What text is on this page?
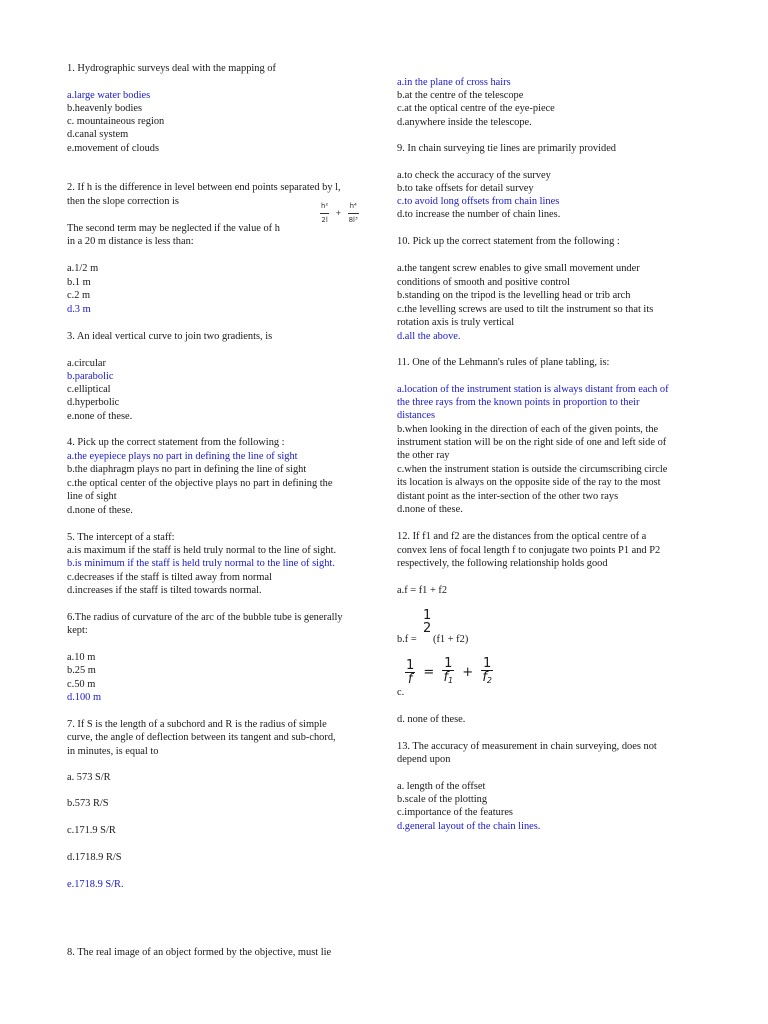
1. Hydrographic surveys deal with the mapping of
a.large water bodies
b.heavenly bodies
c. mountaineous region
d.canal system
e.movement of clouds
2. If h is the difference in level between end points separated by l,
then the slope correction is	$\frac{\text{h²}}{2l} + \frac{\text{h⁴}}{\text{8l³}}$
The second term may be neglected if the value of h
in a 20 m distance is less than:
a.1/2 m
b.1 m
c.2 m
d.3 m
3. An ideal vertical curve to join two gradients, is
a.circular
b.parabolic
c.elliptical
d.hyperbolic
e.none of these.
4. Pick up the correct statement from the following :
a.the eyepiece plays no part in defining the line of sight
b.the diaphragm plays no part in defining the line of sight
c.the optical center of the objective plays no part in defining the
line of sight
d.none of these.
5. The intercept of a staff:
a.is maximum if the staff is held truly normal to the line of sight.
b.is minimum if the staff is held truly normal to the line of sight.
c.decreases if the staff is tilted away from normal
d.increases if the staff is tilted towards normal.
6.The radius of curvature of the arc of the bubble tube is generally
kept:
a.10 m
b.25 m
c.50 m
d.100 m
7. If S is the length of a subchord and R is the radius of simple
curve, the angle of deflection between its tangent and sub-chord,
in minutes, is equal to
a. 573 S/R
b.573 R/S
c.171.9 S/R
d.1718.9 R/S
e.1718.9 S/R.
8. The real image of an object formed by the objective, must lie
a.in the plane of cross hairs
b.at the centre of the telescope
c.at the optical centre of the eye-piece
d.anywhere inside the telescope.
9. In chain surveying tie lines are primarily provided
a.to check the accuracy of the survey
b.to take offsets for detail survey
c.to avoid long offsets from chain lines
d.to increase the number of chain lines.
10. Pick up the correct statement from the following :
a.the tangent screw enables to give small movement under
conditions of smooth and positive control
b.standing on the tripod is the levelling head or trib arch
c.the levelling screws are used to tilt the instrument so that its
rotation axis is truly vertical
d.all the above.
11. One of the Lehmann's rules of plane tabling, is:
a.location of the instrument station is always distant from each of
the three rays from the known points in proportion to their
distances
b.when looking in the direction of each of the given points, the
instrument station will be on the right side of one and left side of
the other ray
c.when the instrument station is outside the circumscribing circle
its location is always on the opposite side of the ray to the most
distant point as the inter-section of the other two rays
d.none of these.
12. If f1 and f2 are the distances from the optical centre of a
convex lens of focal length f to conjugate two points P1 and P2
respectively, the following relationship holds good
a.f = f1 + f2
b.f =
1
2
(f1 + f2)
c.
$\frac{1}{f} = \frac{1}{f_1} + \frac{1}{f_2}$
d. none of these.
13. The accuracy of measurement in chain surveying, does not
depend upon
a. length of the offset
b.scale of the plotting
c.importance of the features
d.general layout of the chain lines.
